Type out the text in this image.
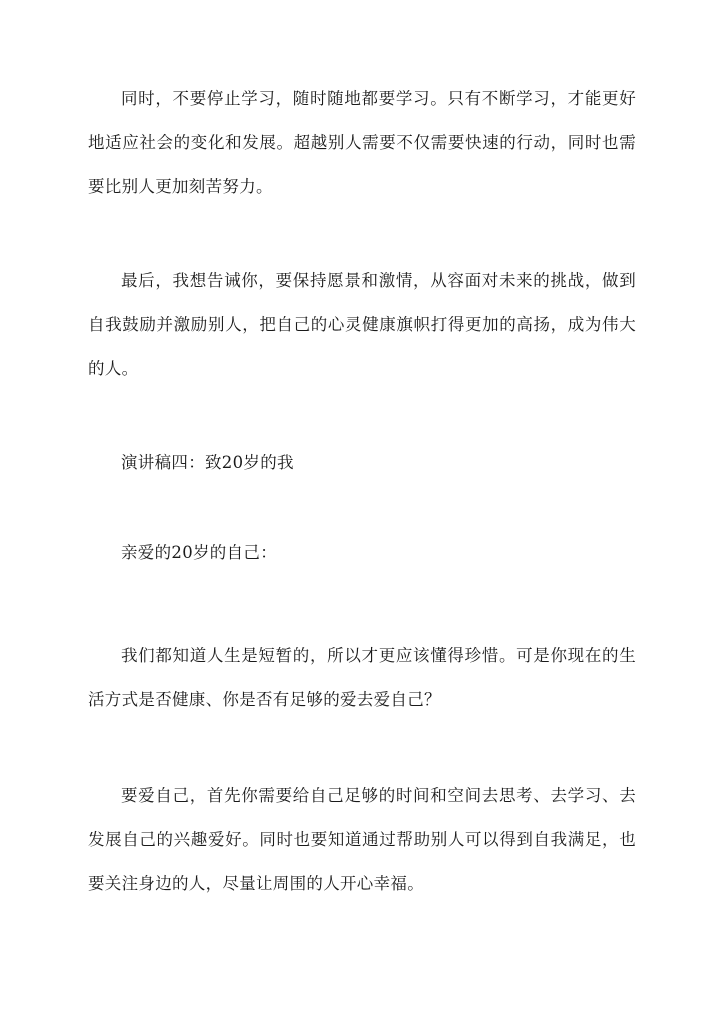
同时，不要停止学习，随时随地都要学习。只有不断学习，才能更好地适应社会的变化和发展。超越别人需要不仅需要快速的行动，同时也需要比别人更加刻苦努力。

最后，我想告诫你，要保持愿景和激情，从容面对未来的挑战，做到自我鼓励并激励别人，把自己的心灵健康旗帜打得更加的高扬，成为伟大的人。

演讲稿四：致20岁的我

亲爱的20岁的自己：

我们都知道人生是短暂的，所以才更应该懂得珍惜。可是你现在的生活方式是否健康、你是否有足够的爱去爱自己？

要爱自己，首先你需要给自己足够的时间和空间去思考、去学习、去发展自己的兴趣爱好。同时也要知道通过帮助别人可以得到自我满足，也要关注身边的人，尽量让周围的人开心幸福。
